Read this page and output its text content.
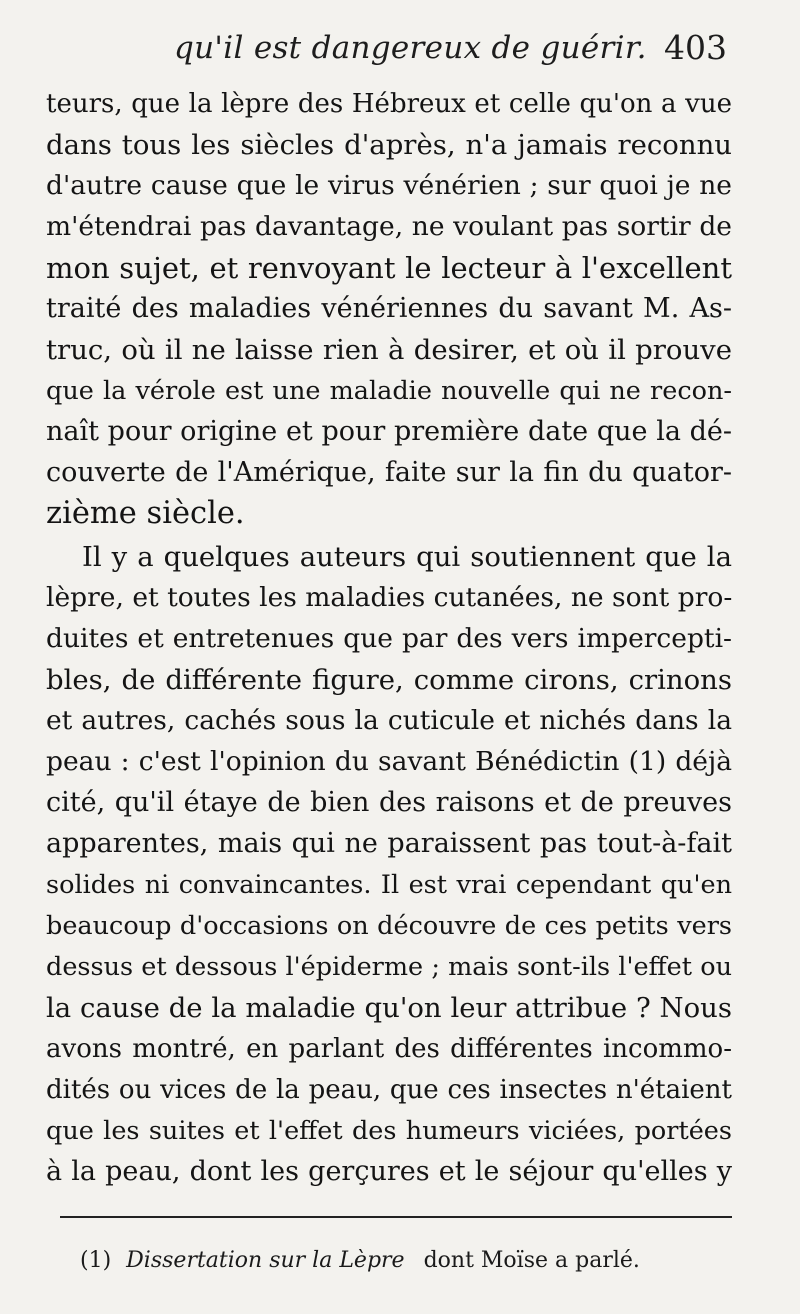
qu'il est dangereux de guérir. 403
teurs, que la lèpre des Hébreux et celle qu'on a vue
dans tous les siècles d'après, n'a jamais reconnu
d'autre cause que le virus vénérien ; sur quoi je ne
m'étendrai pas davantage, ne voulant pas sortir de
mon sujet, et renvoyant le lecteur à l'excellent
traité des maladies vénériennes du savant M. As-
truc, où il ne laisse rien à desirer, et où il prouve
que la vérole est une maladie nouvelle qui ne recon-
naît pour origine et pour première date que la dé-
couverte de l'Amérique, faite sur la fin du quator-
zième siècle.
Il y a quelques auteurs qui soutiennent que la
lèpre, et toutes les maladies cutanées, ne sont pro-
duites et entretenues que par des vers impercepti-
bles, de différente figure, comme cirons, crinons
et autres, cachés sous la cuticule et nichés dans la
peau : c'est l'opinion du savant Bénédictin (1) déjà
cité, qu'il étaye de bien des raisons et de preuves
apparentes, mais qui ne paraissent pas tout-à-fait
solides ni convaincantes. Il est vrai cependant qu'en
beaucoup d'occasions on découvre de ces petits vers
dessus et dessous l'épiderme ; mais sont-ils l'effet ou
la cause de la maladie qu'on leur attribue ? Nous
avons montré, en parlant des différentes incommo-
dités ou vices de la peau, que ces insectes n'étaient
que les suites et l'effet des humeurs viciées, portées
à la peau, dont les gerçures et le séjour qu'elles y
(1) Dissertation sur la Lèpre dont Moïse a parlé.
